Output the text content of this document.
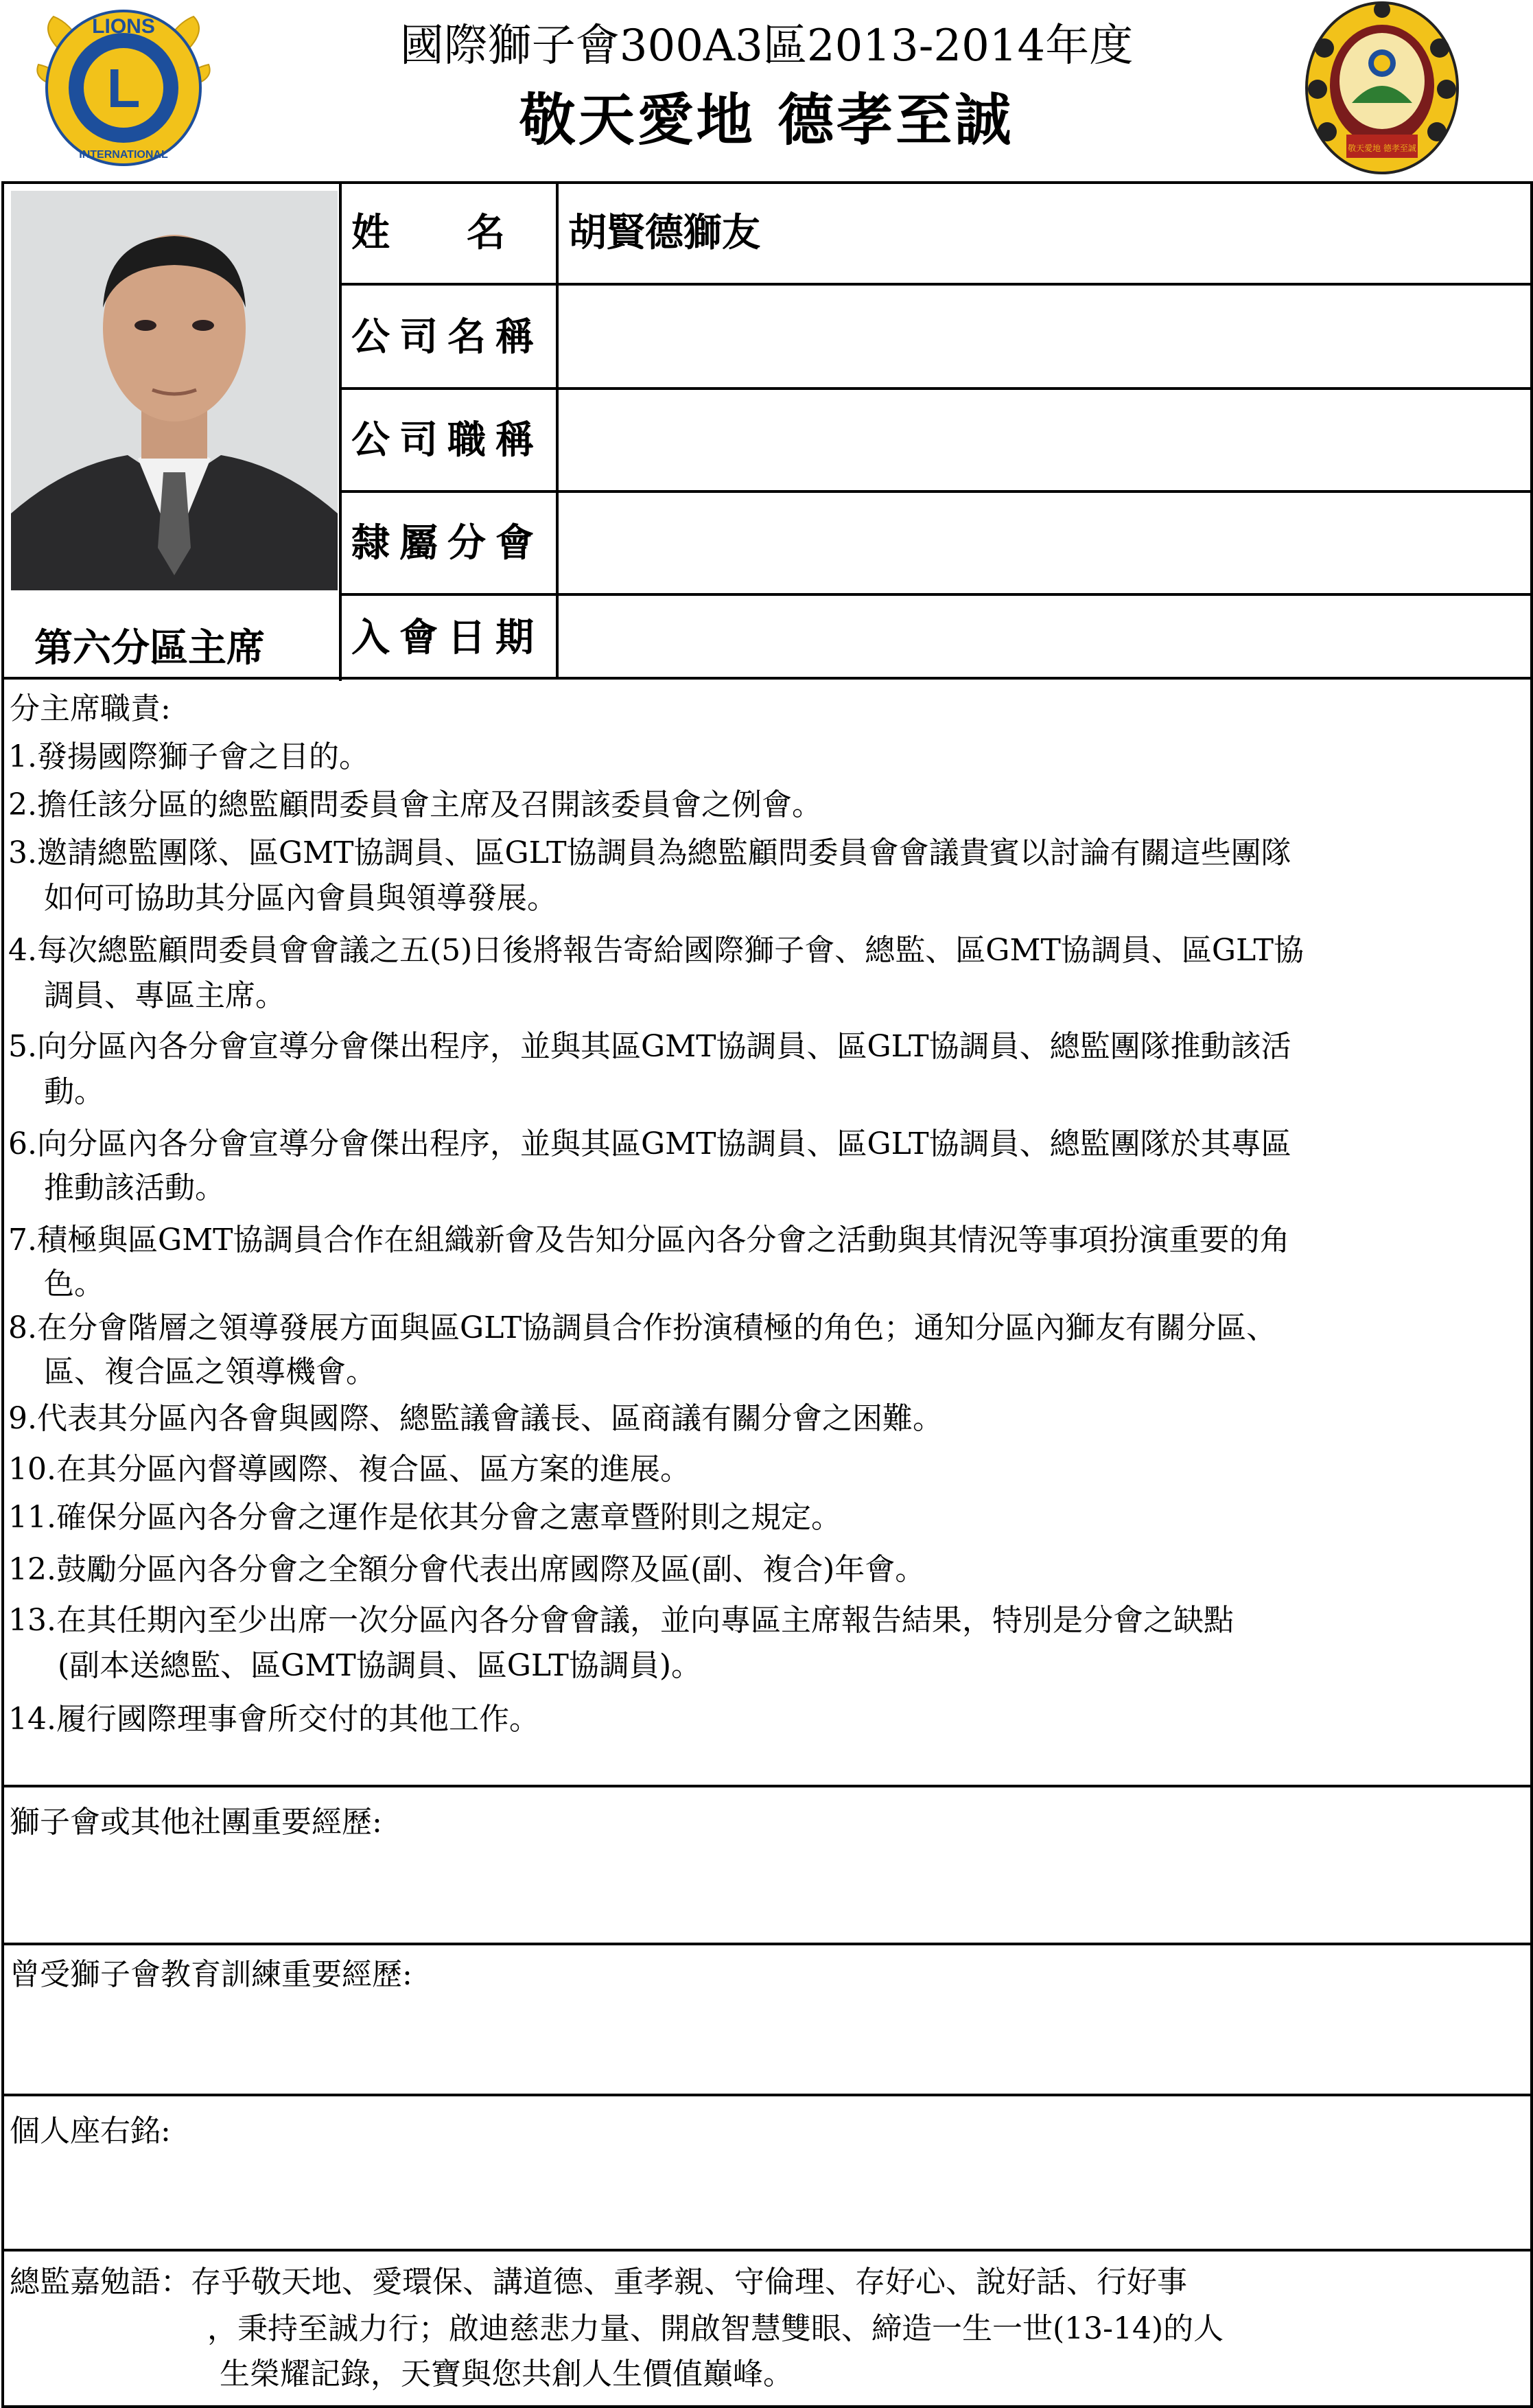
L
LIONS
INTERNATIONAL
國際獅子會300A3區2013-2014年度
敬天愛地 德孝至誠	敬天愛地 德孝至誠
第六分區主席
姓　　名 胡賢德獅友
公司名稱
公司職稱
隸屬分會
入會日期
分主席職責:
1.發揚國際獅子會之目的。
2.擔任該分區的總監顧問委員會主席及召開該委員會之例會。
3.邀請總監團隊、區GMT協調員、區GLT協調員為總監顧問委員會會議貴賓以討論有關這些團隊
如何可協助其分區內會員與領導發展。
4.每次總監顧問委員會會議之五(5)日後將報告寄給國際獅子會、總監、區GMT協調員、區GLT協
調員、專區主席。
5.向分區內各分會宣導分會傑出程序，並與其區GMT協調員、區GLT協調員、總監團隊推動該活
動。
6.向分區內各分會宣導分會傑出程序，並與其區GMT協調員、區GLT協調員、總監團隊於其專區
推動該活動。
7.積極與區GMT協調員合作在組織新會及告知分區內各分會之活動與其情況等事項扮演重要的角
色。
8.在分會階層之領導發展方面與區GLT協調員合作扮演積極的角色；通知分區內獅友有關分區、
區、複合區之領導機會。
9.代表其分區內各會與國際、總監議會議長、區商議有關分會之困難。
10.在其分區內督導國際、複合區、區方案的進展。
11.確保分區內各分會之運作是依其分會之憲章暨附則之規定。
12.鼓勵分區內各分會之全額分會代表出席國際及區(副、複合)年會。
13.在其任期內至少出席一次分區內各分會會議，並向專區主席報告結果，特別是分會之缺點
(副本送總監、區GMT協調員、區GLT協調員)。
14.履行國際理事會所交付的其他工作。
獅子會或其他社團重要經歷:
曾受獅子會教育訓練重要經歷:
個人座右銘:
總監嘉勉語：存乎敬天地、愛環保、講道德、重孝親、守倫理、存好心、說好話、行好事
，秉持至誠力行；啟迪慈悲力量、開啟智慧雙眼、締造一生一世(13-14)的人
生榮耀記錄，天寶與您共創人生價值巔峰。
